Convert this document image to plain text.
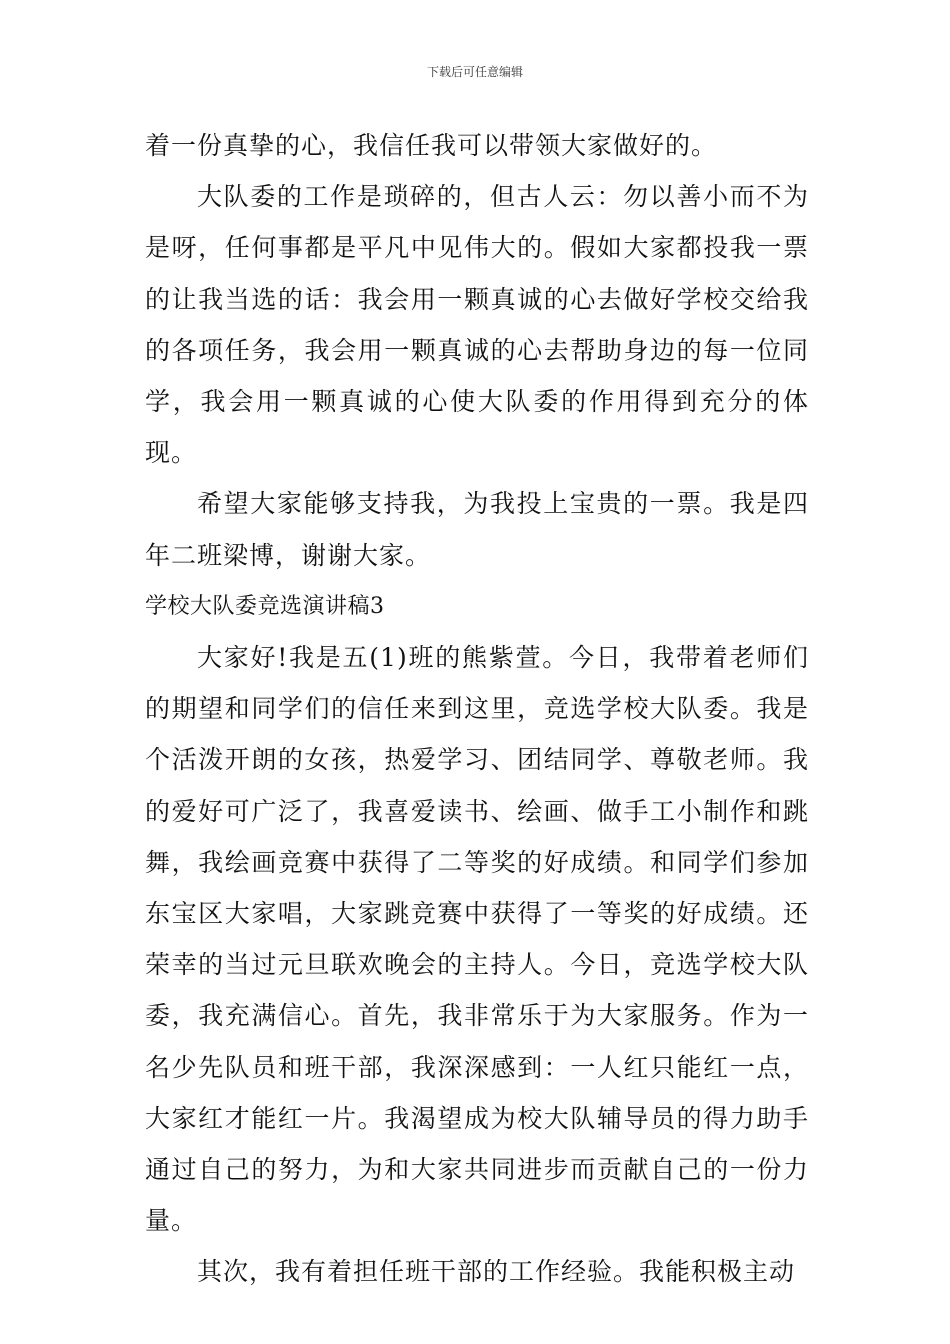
下载后可任意编辑

着一份真挚的心，我信任我可以带领大家做好的。

大队委的工作是琐碎的，但古人云：勿以善小而不为是呀，任何事都是平凡中见伟大的。假如大家都投我一票的让我当选的话：我会用一颗真诚的心去做好学校交给我的各项任务，我会用一颗真诚的心去帮助身边的每一位同学，我会用一颗真诚的心使大队委的作用得到充分的体现。

希望大家能够支持我，为我投上宝贵的一票。我是四年二班梁博，谢谢大家。

学校大队委竞选演讲稿3

大家好!我是五(1)班的熊紫萱。今日，我带着老师们的期望和同学们的信任来到这里，竞选学校大队委。我是个活泼开朗的女孩，热爱学习、团结同学、尊敬老师。我的爱好可广泛了，我喜爱读书、绘画、做手工小制作和跳舞，我绘画竞赛中获得了二等奖的好成绩。和同学们参加东宝区大家唱，大家跳竞赛中获得了一等奖的好成绩。还荣幸的当过元旦联欢晚会的主持人。今日，竞选学校大队委，我充满信心。首先，我非常乐于为大家服务。作为一名少先队员和班干部，我深深感到：一人红只能红一点，大家红才能红一片。我渴望成为校大队辅导员的得力助手通过自己的努力，为和大家共同进步而贡献自己的一份力量。

其次，我有着担任班干部的工作经验。我能积极主动
